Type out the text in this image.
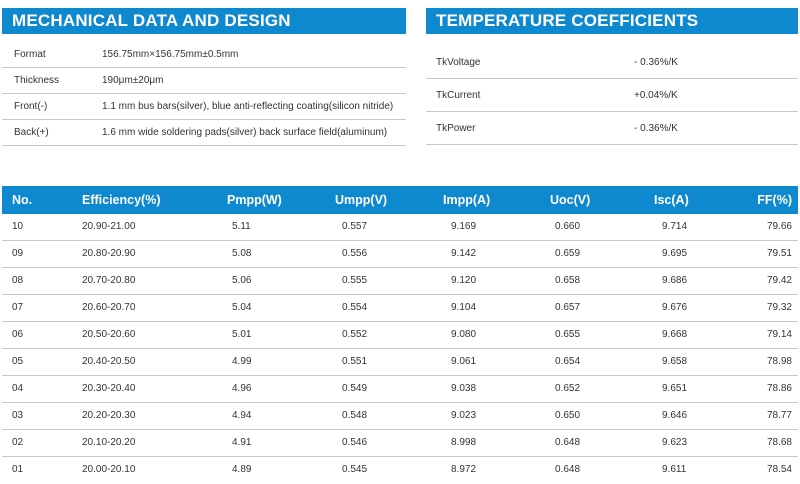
MECHANICAL DATA AND DESIGN	TEMPERATURE COEFFICIENTS
Format	156.75mm×156.75mm±0.5mm
Thickness	190μm±20μm
Front(-)	1.1 mm bus bars(silver), blue anti-reflecting coating(silicon nitride)
Back(+)	1.6 mm wide soldering pads(silver) back surface field(aluminum)
TkVoltage	- 0.36%/K
TkCurrent	+0.04%/K
TkPower	- 0.36%/K
No.	Efficiency(%)	Pmpp(W)	Umpp(V)	Impp(A)	Uoc(V)	Isc(A)	FF(%)
10	20.90-21.00	5.11	0.557	9.169	0.660	9.714	79.66
09	20.80-20.90	5.08	0.556	9.142	0.659	9.695	79.51
08	20.70-20.80	5.06	0.555	9.120	0.658	9.686	79.42
07	20.60-20.70	5.04	0.554	9.104	0.657	9.676	79.32
06	20.50-20.60	5.01	0.552	9.080	0.655	9.668	79.14
05	20.40-20.50	4.99	0.551	9.061	0.654	9.658	78.98
04	20.30-20.40	4.96	0.549	9.038	0.652	9.651	78.86
03	20.20-20.30	4.94	0.548	9.023	0.650	9.646	78.77
02	20.10-20.20	4.91	0.546	8.998	0.648	9.623	78.68
01	20.00-20.10	4.89	0.545	8.972	0.648	9.611	78.54
